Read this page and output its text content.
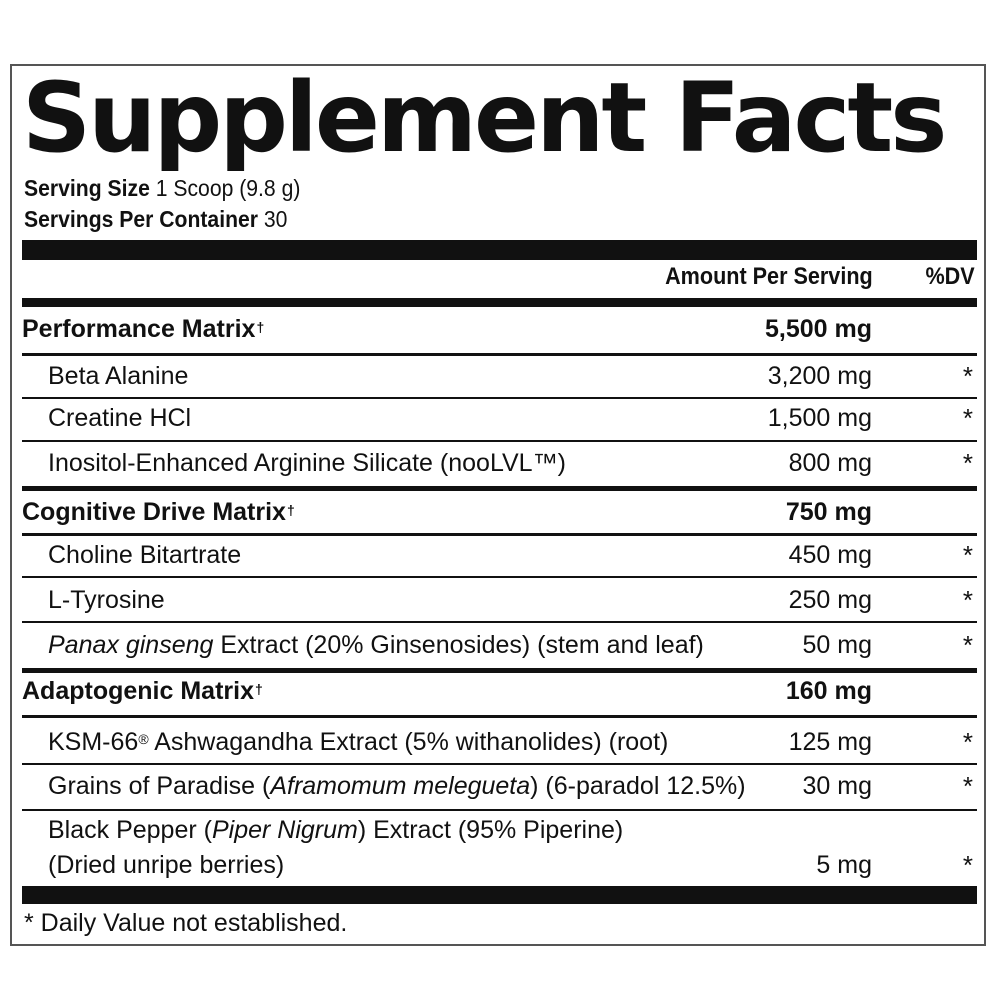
Supplement Facts
Serving Size 1 Scoop (9.8 g)
Servings Per Container 30
Amount Per Serving %DV
Performance Matrix†	5,500 mg
Beta Alanine	3,200 mg	*
Creatine HCl	1,500 mg	*
Inositol-Enhanced Arginine Silicate (nooLVL™)	800 mg	*
Cognitive Drive Matrix†	750 mg
Choline Bitartrate	450 mg	*
L-Tyrosine	250 mg	*
Panax ginseng Extract (20% Ginsenosides) (stem and leaf)	50 mg	*
Adaptogenic Matrix†	160 mg
KSM-66® Ashwagandha Extract (5% withanolides) (root)	125 mg	*
Grains of Paradise (Aframomum melegueta) (6-paradol 12.5%) 30 mg	*
Black Pepper (Piper Nigrum) Extract (95% Piperine)
(Dried unripe berries)	5 mg	*
* Daily Value not established.
